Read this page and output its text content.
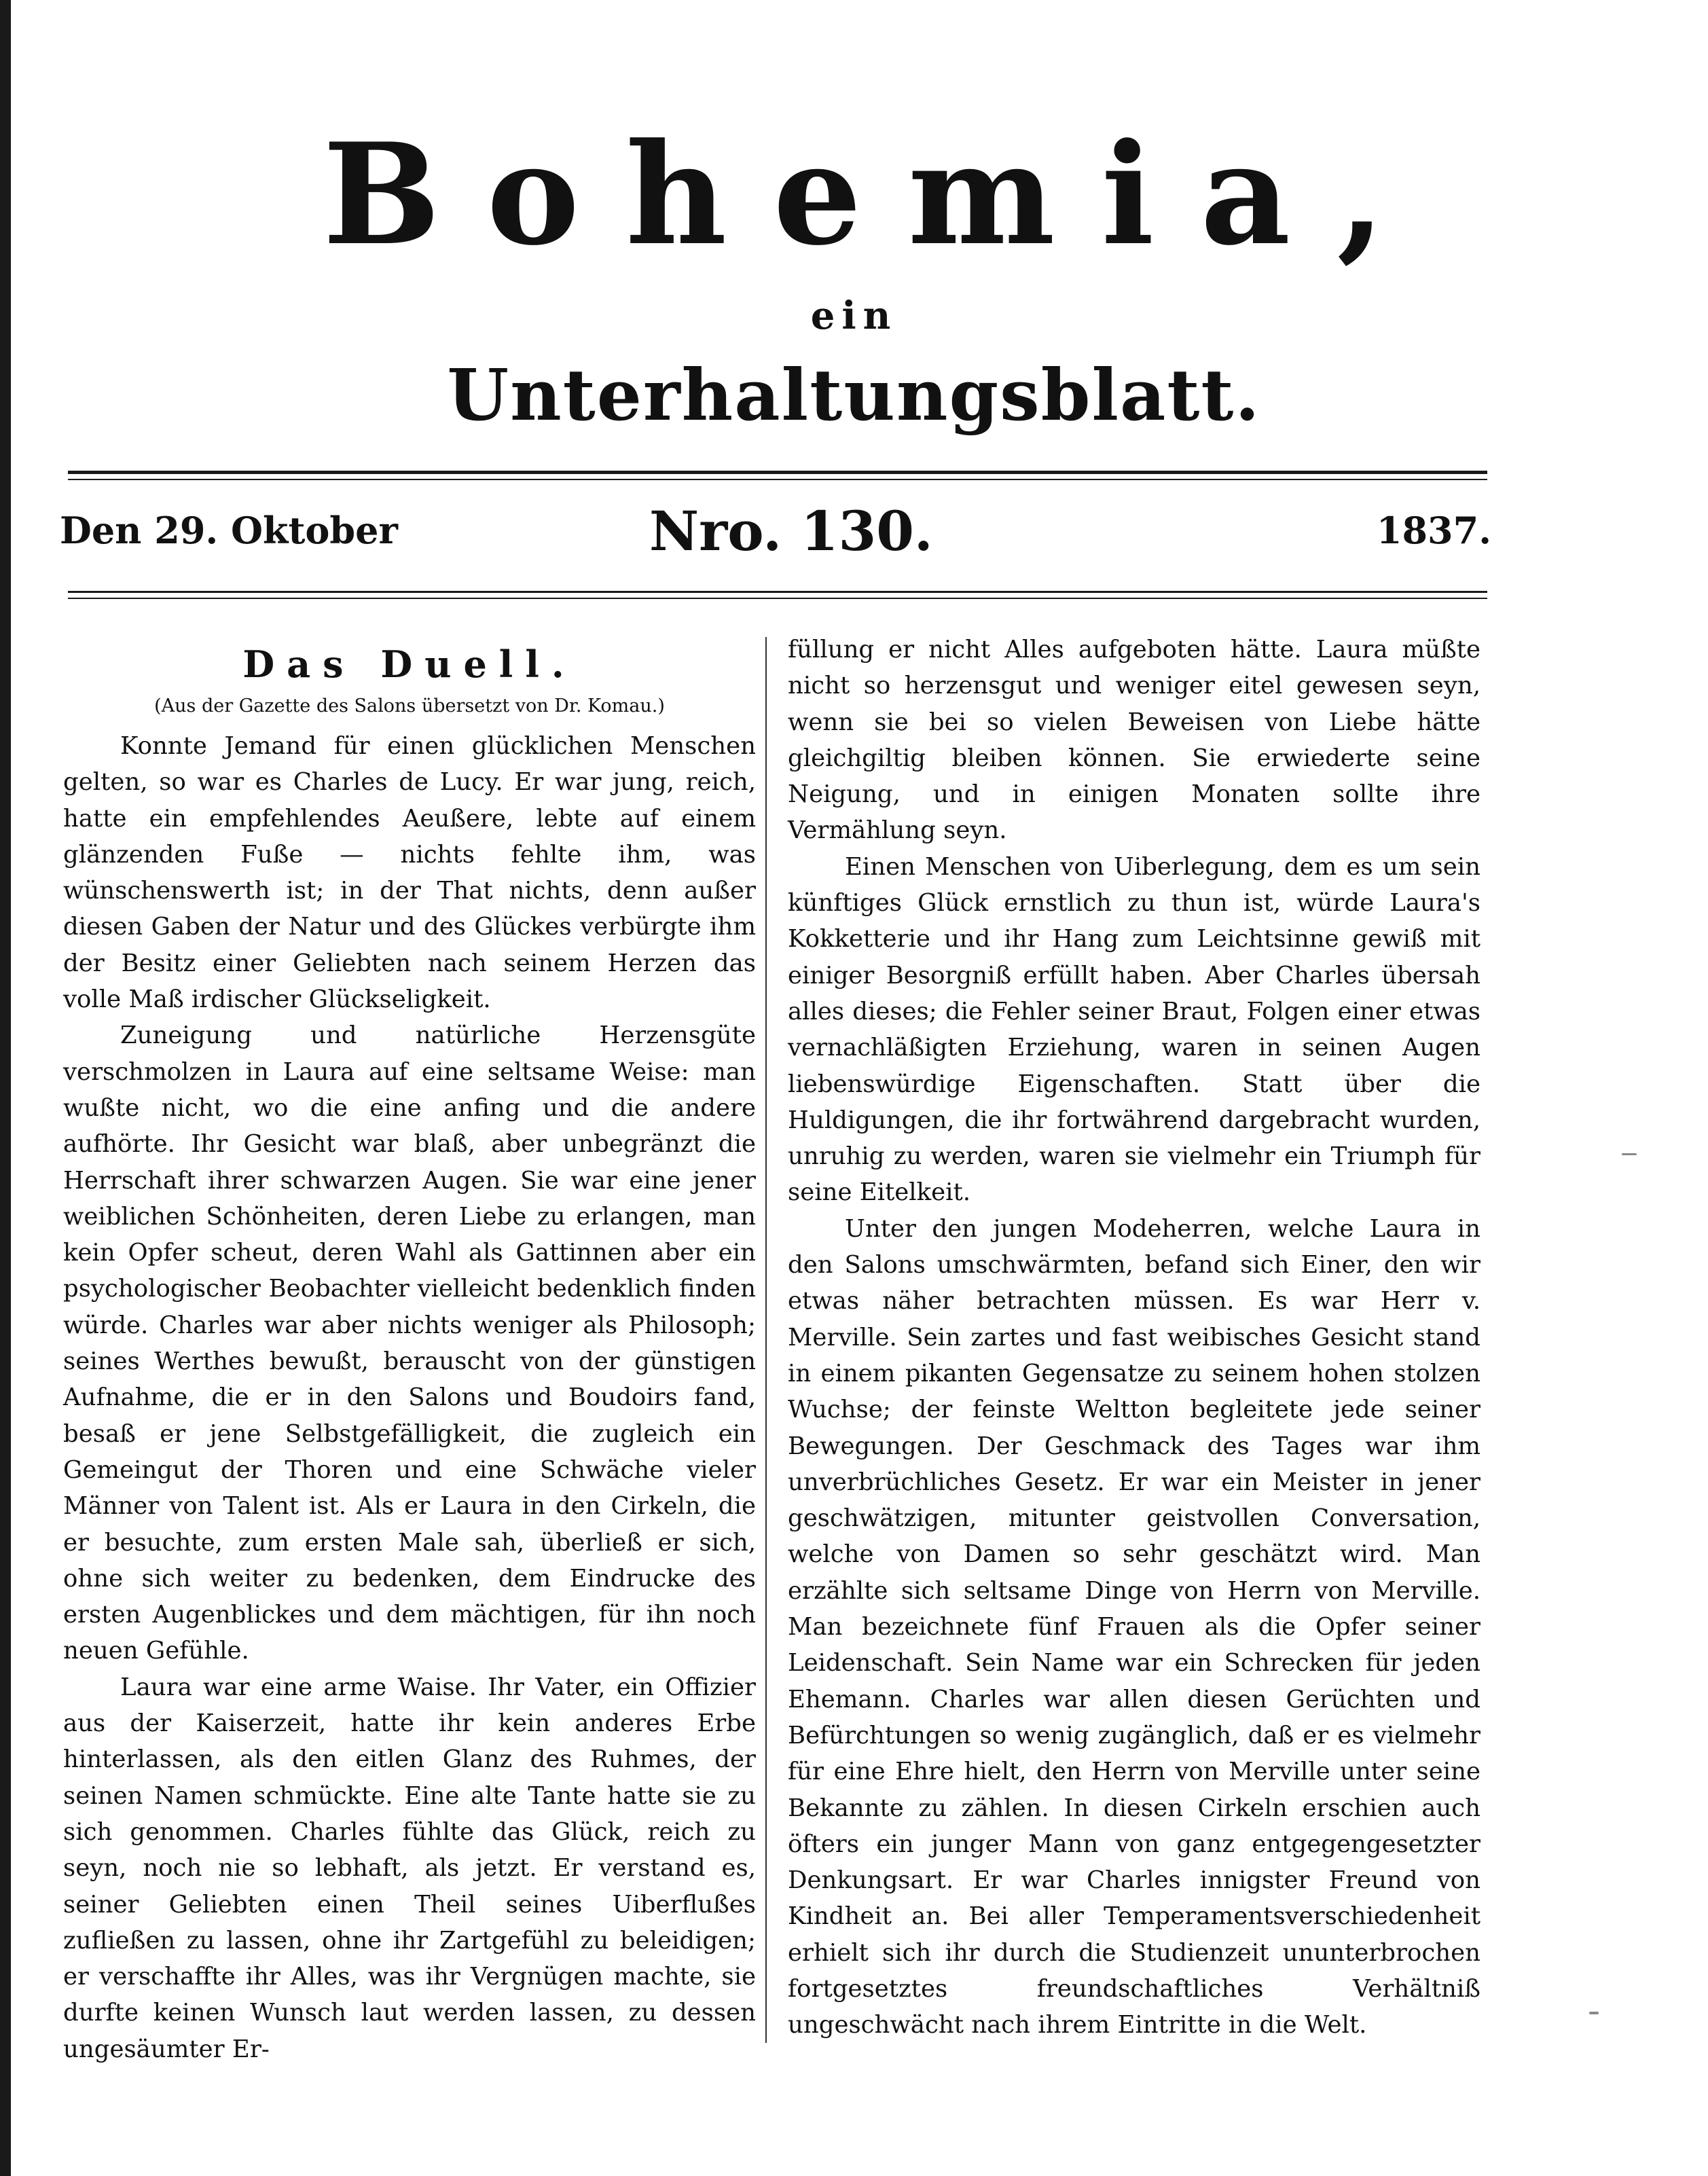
Bohemia,
ein
Unterhaltungsblatt.
Den 29. Oktober	Nro. 130.	1837.
Das Duell.
(Aus der Gazette des Salons übersetzt von Dr. Komau.)

Konnte Jemand für einen glücklichen Menschen gelten, so war es Charles de Lucy. Er war jung, reich, hatte ein empfehlendes Aeußere, lebte auf einem glänzenden Fuße — nichts fehlte ihm, was wünschenswerth ist; in der That nichts, denn außer diesen Gaben der Natur und des Glückes verbürgte ihm der Besitz einer Geliebten nach seinem Herzen das volle Maß irdischer Glückseligkeit.

Zuneigung und natürliche Herzensgüte verschmolzen in Laura auf eine seltsame Weise: man wußte nicht, wo die eine anfing und die andere aufhörte. Ihr Gesicht war blaß, aber unbegränzt die Herrschaft ihrer schwarzen Augen. Sie war eine jener weiblichen Schönheiten, deren Liebe zu erlangen, man kein Opfer scheut, deren Wahl als Gattinnen aber ein psychologischer Beobachter vielleicht bedenklich finden würde. Charles war aber nichts weniger als Philosoph; seines Werthes bewußt, berauscht von der günstigen Aufnahme, die er in den Salons und Boudoirs fand, besaß er jene Selbstgefälligkeit, die zugleich ein Gemeingut der Thoren und eine Schwäche vieler Männer von Talent ist. Als er Laura in den Cirkeln, die er besuchte, zum ersten Male sah, überließ er sich, ohne sich weiter zu bedenken, dem Eindrucke des ersten Augenblickes und dem mächtigen, für ihn noch neuen Gefühle.

Laura war eine arme Waise. Ihr Vater, ein Offizier aus der Kaiserzeit, hatte ihr kein anderes Erbe hinterlassen, als den eitlen Glanz des Ruhmes, der seinen Namen schmückte. Eine alte Tante hatte sie zu sich genommen. Charles fühlte das Glück, reich zu seyn, noch nie so lebhaft, als jetzt. Er verstand es, seiner Geliebten einen Theil seines Uiberflußes zufließen zu lassen, ohne ihr Zartgefühl zu beleidigen; er verschaffte ihr Alles, was ihr Vergnügen machte, sie durfte keinen Wunsch laut werden lassen, zu dessen ungesäumter Er-

füllung er nicht Alles aufgeboten hätte. Laura müßte nicht so herzensgut und weniger eitel gewesen seyn, wenn sie bei so vielen Beweisen von Liebe hätte gleichgiltig bleiben können. Sie erwiederte seine Neigung, und in einigen Monaten sollte ihre Vermählung seyn.

Einen Menschen von Uiberlegung, dem es um sein künftiges Glück ernstlich zu thun ist, würde Laura's Kokketterie und ihr Hang zum Leichtsinne gewiß mit einiger Besorgniß erfüllt haben. Aber Charles übersah alles dieses; die Fehler seiner Braut, Folgen einer etwas vernachläßigten Erziehung, waren in seinen Augen liebenswürdige Eigenschaften. Statt über die Huldigungen, die ihr fortwährend dargebracht wurden, unruhig zu werden, waren sie vielmehr ein Triumph für seine Eitelkeit.

Unter den jungen Modeherren, welche Laura in den Salons umschwärmten, befand sich Einer, den wir etwas näher betrachten müssen. Es war Herr v. Merville. Sein zartes und fast weibisches Gesicht stand in einem pikanten Gegensatze zu seinem hohen stolzen Wuchse; der feinste Weltton begleitete jede seiner Bewegungen. Der Geschmack des Tages war ihm unverbrüchliches Gesetz. Er war ein Meister in jener geschwätzigen, mitunter geistvollen Conversation, welche von Damen so sehr geschätzt wird. Man erzählte sich seltsame Dinge von Herrn von Merville. Man bezeichnete fünf Frauen als die Opfer seiner Leidenschaft. Sein Name war ein Schrecken für jeden Ehemann. Charles war allen diesen Gerüchten und Befürchtungen so wenig zugänglich, daß er es vielmehr für eine Ehre hielt, den Herrn von Merville unter seine Bekannte zu zählen. In diesen Cirkeln erschien auch öfters ein junger Mann von ganz entgegengesetzter Denkungsart. Er war Charles innigster Freund von Kindheit an. Bei aller Temperamentsverschiedenheit erhielt sich ihr durch die Studienzeit ununterbrochen fortgesetztes freundschaftliches Verhältniß ungeschwächt nach ihrem Eintritte in die Welt.
